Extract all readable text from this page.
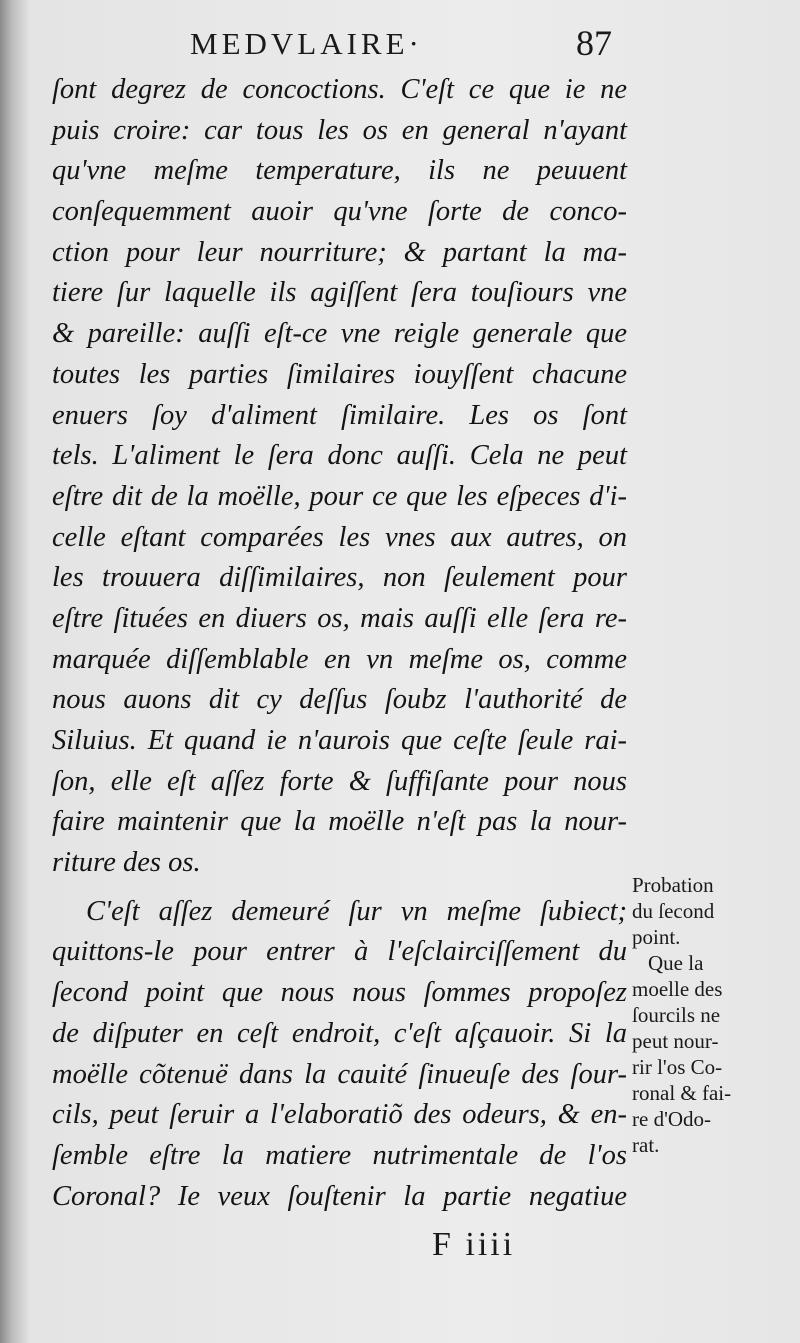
MEDVLAIRE·	87
ſont degrez de concoctions. C'eſt ce que ie ne
puis croire: car tous les os en general n'ayant
qu'vne meſme temperature, ils ne peuuent
conſequemment auoir qu'vne ſorte de conco-
ction pour leur nourriture; & partant la ma-
tiere ſur laquelle ils agiſſent ſera touſiours vne
& pareille: auſſi eſt-ce vne reigle generale que
toutes les parties ſimilaires iouyſſent chacune
enuers ſoy d'aliment ſimilaire. Les os ſont
tels. L'aliment le ſera donc auſſi. Cela ne peut
eſtre dit de la moëlle, pour ce que les eſpeces d'i-
celle eſtant comparées les vnes aux autres, on
les trouuera diſſimilaires, non ſeulement pour
eſtre ſituées en diuers os, mais auſſi elle ſera re-
marquée diſſemblable en vn meſme os, comme
nous auons dit cy deſſus ſoubz l'authorité de
Siluius. Et quand ie n'aurois que ceſte ſeule rai-
ſon, elle eſt aſſez forte & ſuffiſante pour nous
faire maintenir que la moëlle n'eſt pas la nour-
riture des os.
C'eſt aſſez demeuré ſur vn meſme ſubiect;
quittons-le pour entrer à l'eſclairciſſement du
ſecond point que nous nous ſommes propoſez
de diſputer en ceſt endroit, c'eſt aſçauoir. Si la
moëlle cõtenuë dans la cauité ſinueuſe des ſour-
cils, peut ſeruir a l'elaboratiõ des odeurs, & en-
ſemble eſtre la matiere nutrimentale de l'os
Coronal? Ie veux ſouſtenir la partie negatiue
Probation
du ſecond
point.
Que la
moelle des
ſourcils ne
peut nour-
rir l'os Co-
ronal & fai-
re d'Odo-
rat.
F iiii
